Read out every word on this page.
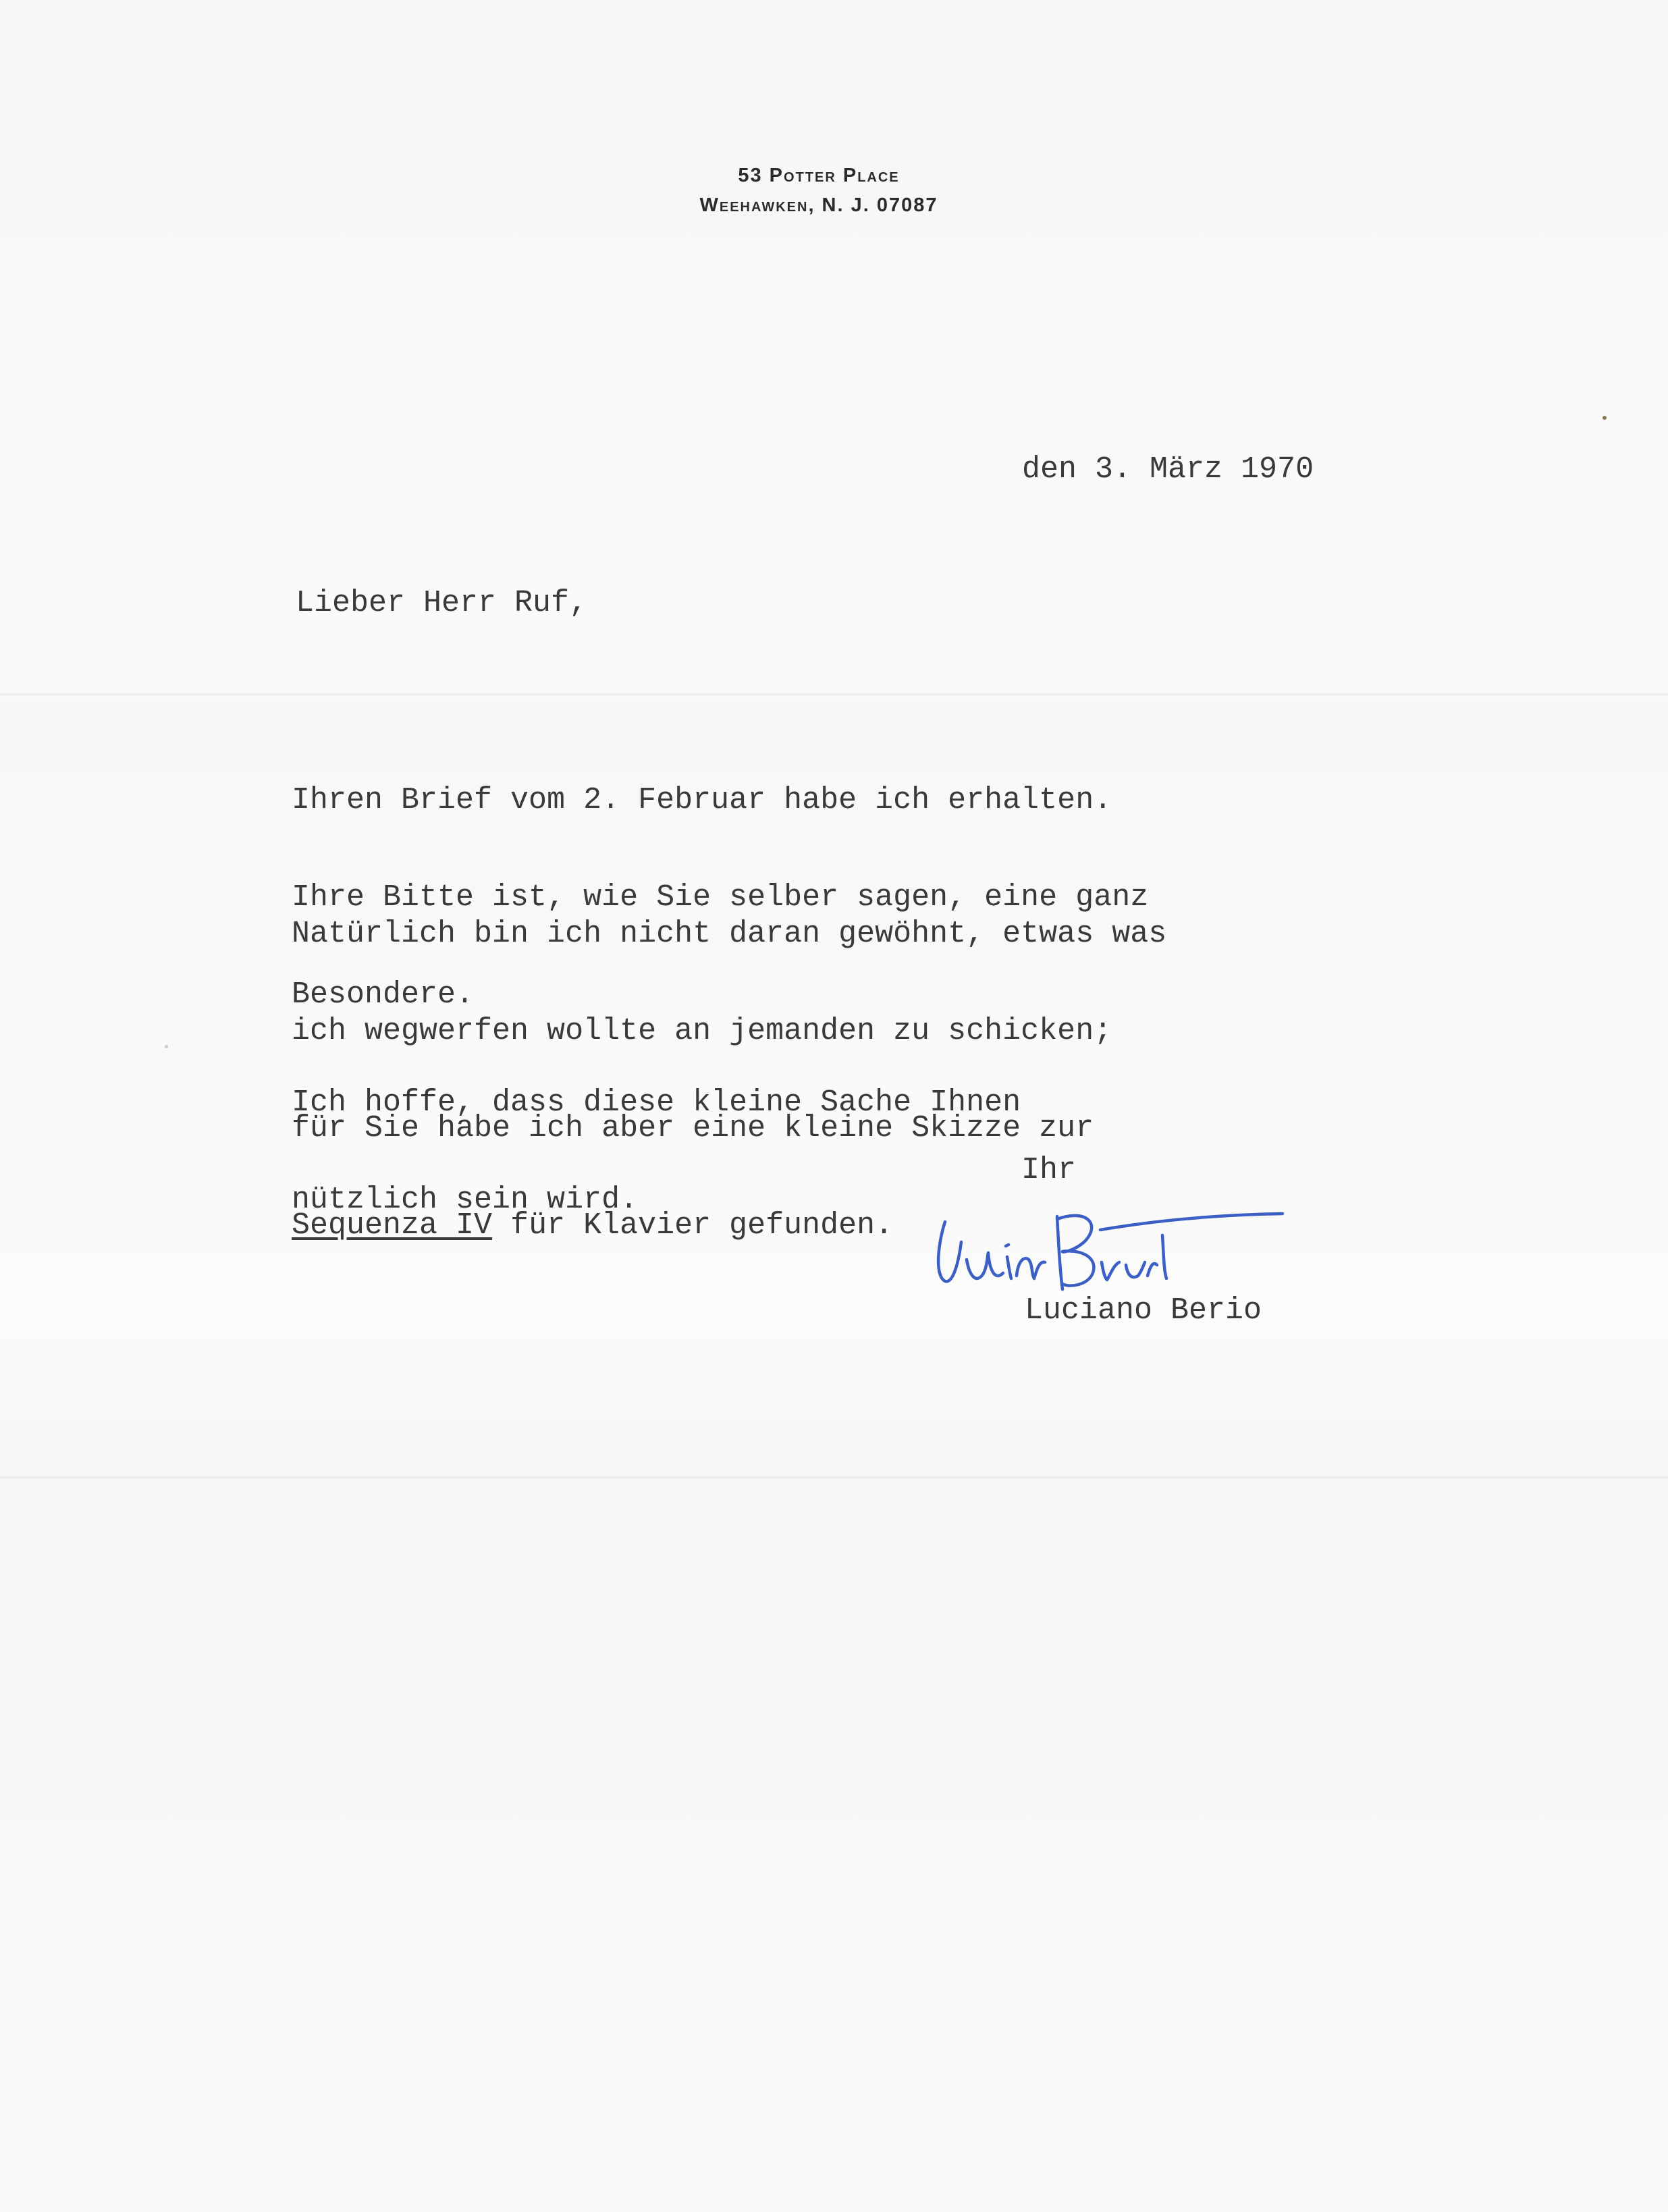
53 Potter Place
Weehawken, N. J. 07087
den 3. März 1970
Lieber Herr Ruf,

Ihren Brief vom 2. Februar habe ich erhalten.

Ihre Bitte ist, wie Sie selber sagen, eine ganz

Besondere.

Natürlich bin ich nicht daran gewöhnt, etwas was

ich wegwerfen wollte an jemanden zu schicken;

für Sie habe ich aber eine kleine Skizze zur

Sequenza IV für Klavier gefunden.

Ich hoffe, dass diese kleine Sache Ihnen

nützlich sein wird.

Ihr
Luciano Berio
